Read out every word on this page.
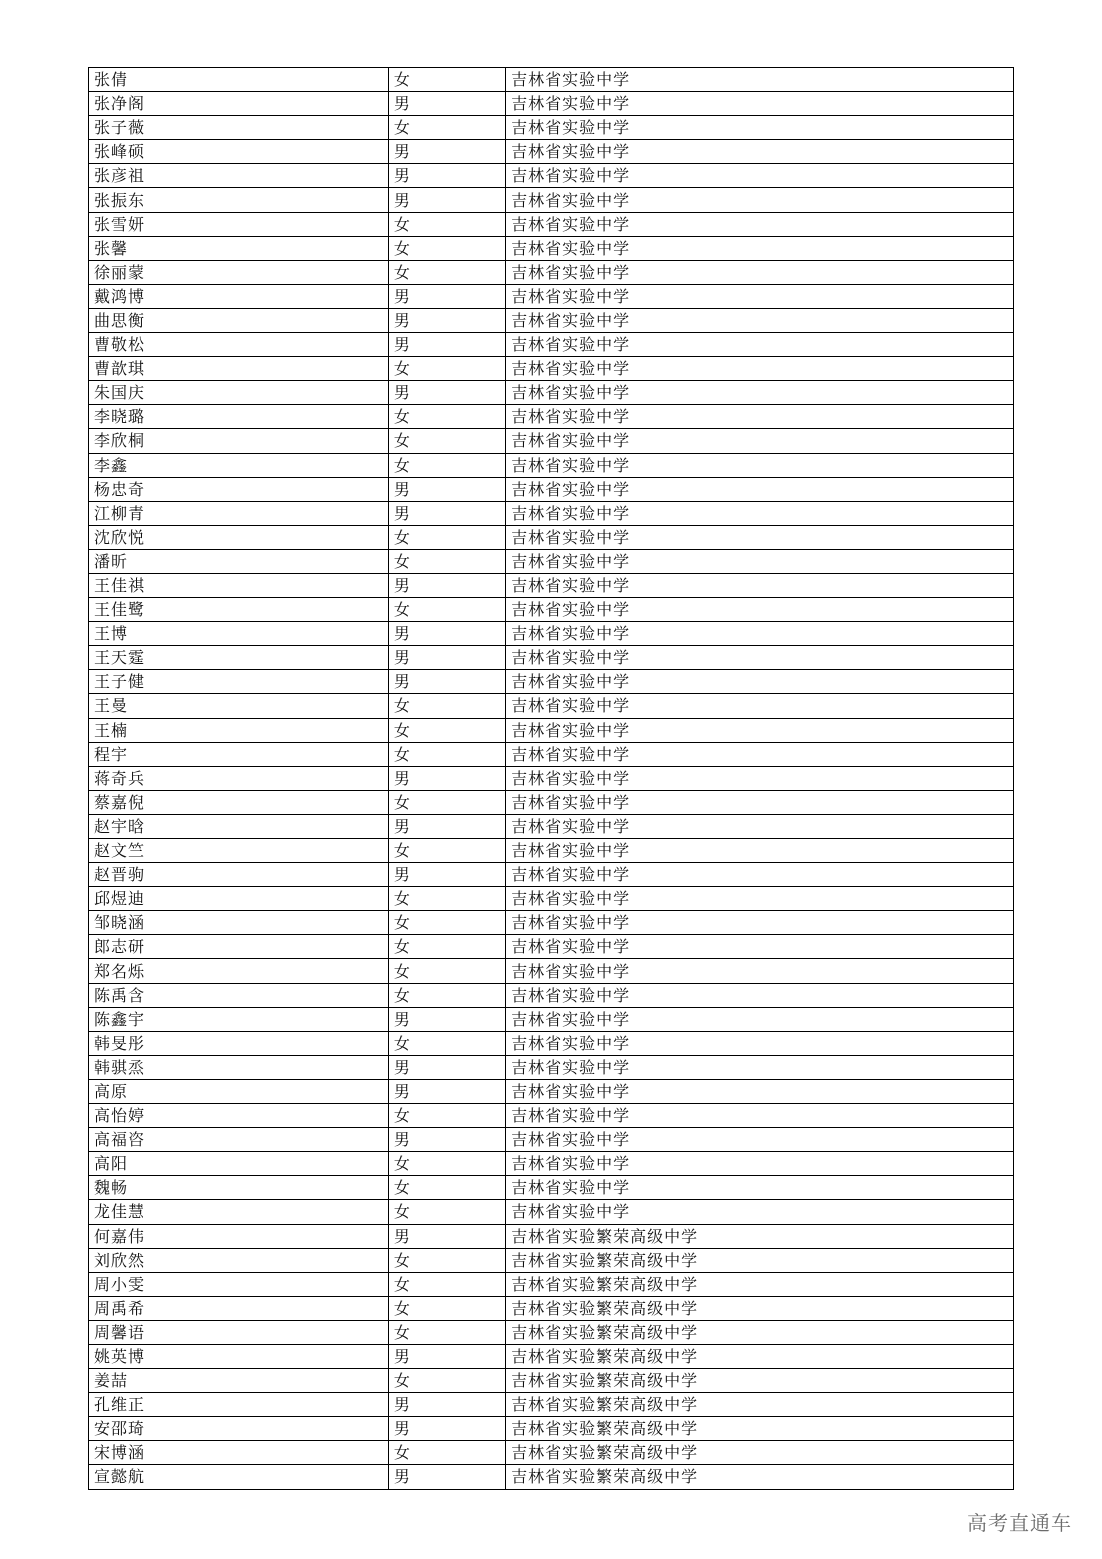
张倩	女	吉林省实验中学
张净阁	男	吉林省实验中学
张子薇	女	吉林省实验中学
张峰硕	男	吉林省实验中学
张彦祖	男	吉林省实验中学
张振东	男	吉林省实验中学
张雪妍	女	吉林省实验中学
张馨	女	吉林省实验中学
徐丽蒙	女	吉林省实验中学
戴鸿博	男	吉林省实验中学
曲思衡	男	吉林省实验中学
曹敬松	男	吉林省实验中学
曹歆琪	女	吉林省实验中学
朱国庆	男	吉林省实验中学
李晓璐	女	吉林省实验中学
李欣桐	女	吉林省实验中学
李鑫	女	吉林省实验中学
杨忠奇	男	吉林省实验中学
江柳青	男	吉林省实验中学
沈欣悦	女	吉林省实验中学
潘昕	女	吉林省实验中学
王佳祺	男	吉林省实验中学
王佳鹭	女	吉林省实验中学
王博	男	吉林省实验中学
王天霆	男	吉林省实验中学
王子健	男	吉林省实验中学
王曼	女	吉林省实验中学
王楠	女	吉林省实验中学
程宇	女	吉林省实验中学
蒋奇兵	男	吉林省实验中学
蔡嘉倪	女	吉林省实验中学
赵宇晗	男	吉林省实验中学
赵文竺	女	吉林省实验中学
赵晋驹	男	吉林省实验中学
邱煜迪	女	吉林省实验中学
邹晓涵	女	吉林省实验中学
郎志研	女	吉林省实验中学
郑名烁	女	吉林省实验中学
陈禹含	女	吉林省实验中学
陈鑫宇	男	吉林省实验中学
韩旻彤	女	吉林省实验中学
韩骐烝	男	吉林省实验中学
高原	男	吉林省实验中学
高怡婷	女	吉林省实验中学
高福咨	男	吉林省实验中学
高阳	女	吉林省实验中学
魏畅	女	吉林省实验中学
龙佳慧	女	吉林省实验中学
何嘉伟	男	吉林省实验繁荣高级中学
刘欣然	女	吉林省实验繁荣高级中学
周小雯	女	吉林省实验繁荣高级中学
周禹希	女	吉林省实验繁荣高级中学
周馨语	女	吉林省实验繁荣高级中学
姚英博	男	吉林省实验繁荣高级中学
姜喆	女	吉林省实验繁荣高级中学
孔维正	男	吉林省实验繁荣高级中学
安邵琦	男	吉林省实验繁荣高级中学
宋博涵	女	吉林省实验繁荣高级中学
宣懿航	男	吉林省实验繁荣高级中学
高考直通车
